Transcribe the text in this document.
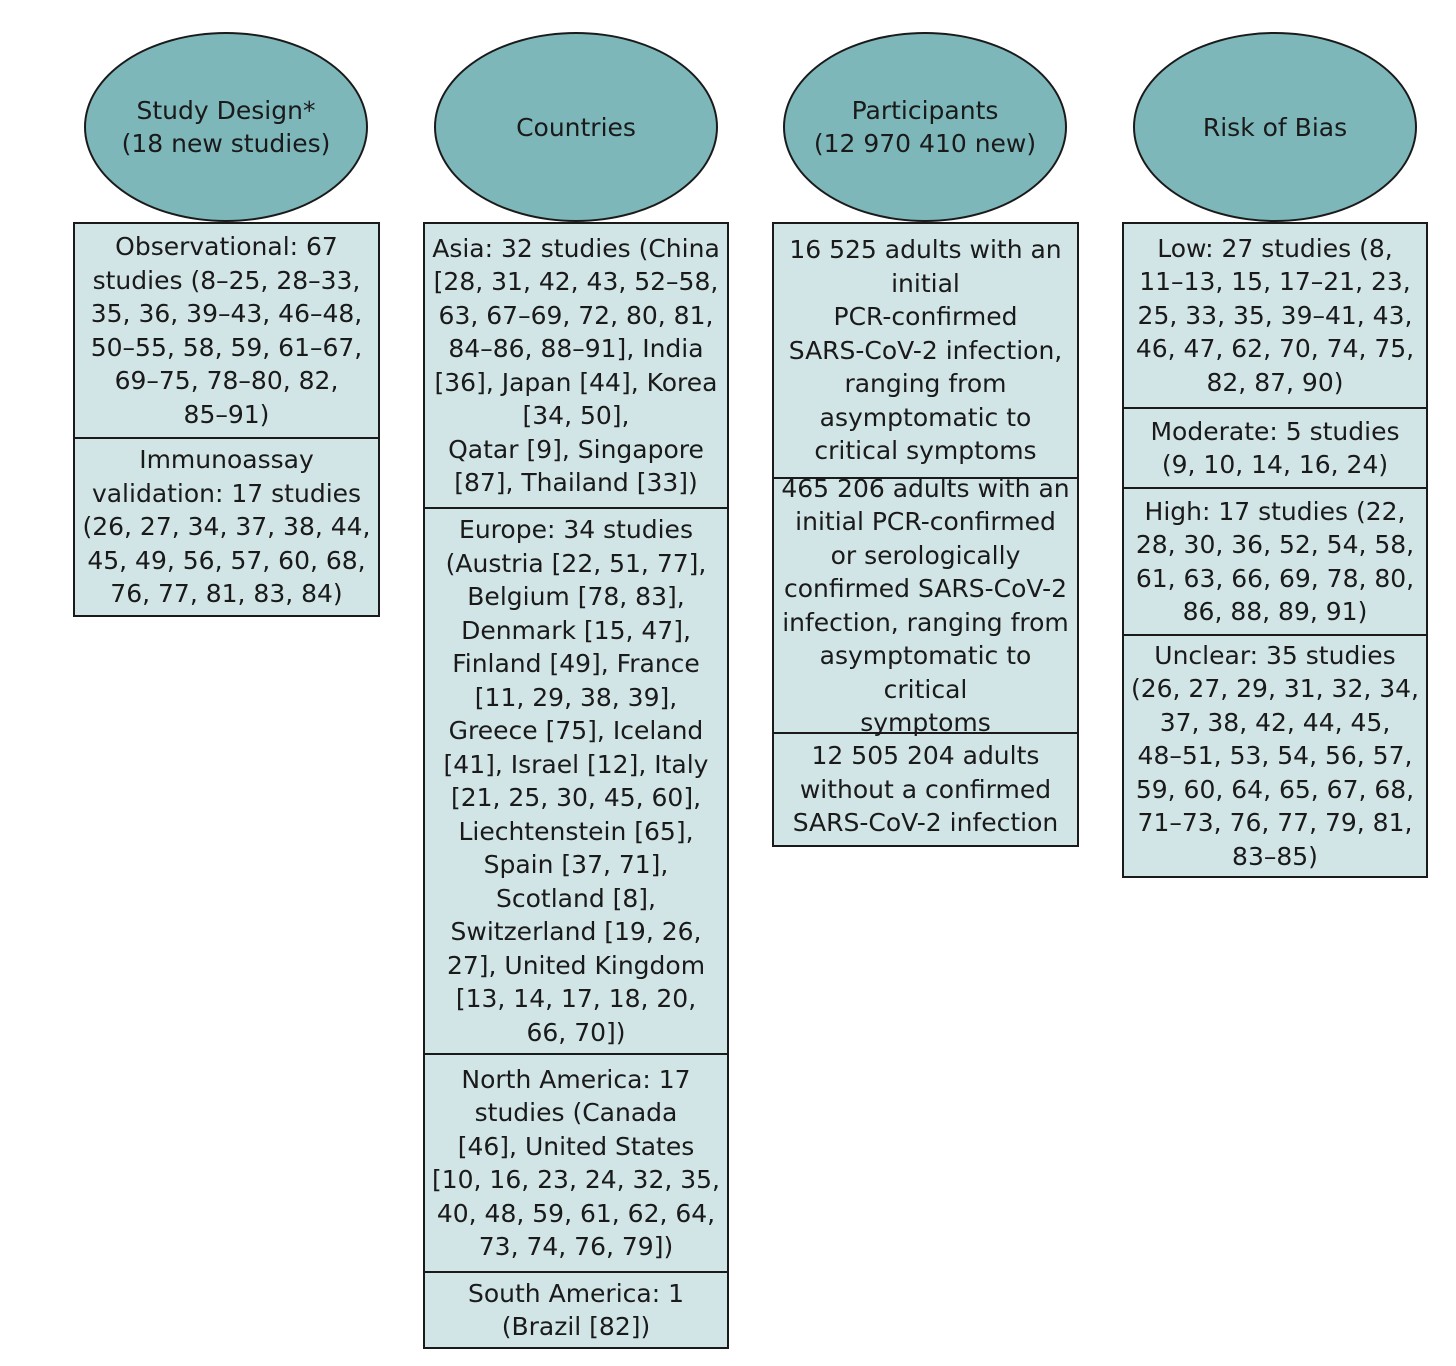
Study Design*
(18 new studies)
Observational: 67
studies (8–25, 28–33,
35, 36, 39–43, 46–48,
50–55, 58, 59, 61–67,
69–75, 78–80, 82,
85–91)
Immunoassay
validation: 17 studies
(26, 27, 34, 37, 38, 44,
45, 49, 56, 57, 60, 68,
76, 77, 81, 83, 84)
Countries
Asia: 32 studies (China
[28, 31, 42, 43, 52–58,
63, 67–69, 72, 80, 81,
84–86, 88–91], India
[36], Japan [44], Korea
[34, 50],
Qatar [9], Singapore
[87], Thailand [33])
Europe: 34 studies
(Austria [22, 51, 77],
Belgium [78, 83],
Denmark [15, 47],
Finland [49], France
[11, 29, 38, 39],
Greece [75], Iceland
[41], Israel [12], Italy
[21, 25, 30, 45, 60],
Liechtenstein [65],
Spain [37, 71],
Scotland [8],
Switzerland [19, 26,
27], United Kingdom
[13, 14, 17, 18, 20,
66, 70])
North America: 17
studies (Canada
[46], United States
[10, 16, 23, 24, 32, 35,
40, 48, 59, 61, 62, 64,
73, 74, 76, 79])
South America: 1
(Brazil [82])
Participants
(12 970 410 new)
16 525 adults with an
initial
PCR-confirmed
SARS-CoV-2 infection,
ranging from
asymptomatic to
critical symptoms
465 206 adults with an
initial PCR-confirmed
or serologically
confirmed SARS-CoV-2
infection, ranging from
asymptomatic to critical
symptoms
12 505 204 adults
without a confirmed
SARS-CoV-2 infection
Risk of Bias
Low: 27 studies (8,
11–13, 15, 17–21, 23,
25, 33, 35, 39–41, 43,
46, 47, 62, 70, 74, 75,
82, 87, 90)
Moderate: 5 studies
(9, 10, 14, 16, 24)
High: 17 studies (22,
28, 30, 36, 52, 54, 58,
61, 63, 66, 69, 78, 80,
86, 88, 89, 91)
Unclear: 35 studies
(26, 27, 29, 31, 32, 34,
37, 38, 42, 44, 45,
48–51, 53, 54, 56, 57,
59, 60, 64, 65, 67, 68,
71–73, 76, 77, 79, 81,
83–85)
